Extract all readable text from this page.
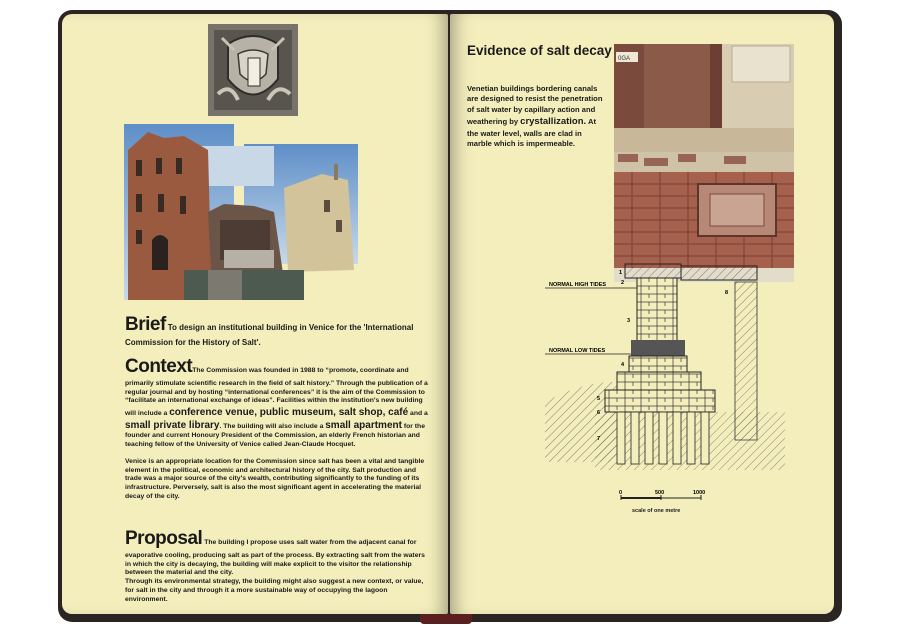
Brief To design an institutional building in Venice for the 'International Commission for the History of Salt'.

ContextThe Commission was founded in 1988 to “promote, coordinate and primarily stimulate scientific research in the field of salt history.” Through the publication of a regular journal and by hosting “international conferences” it is the aim of the Commission to “facilitate an international exchange of ideas”. Facilities within the institution's new building will include a conference venue, public museum, salt shop, café and a small private library. The building will also include a small apartment for the founder and current Honoury President of the Commission, an elderly French historian and teaching fellow of the University of Venice called Jean-Claude Hocquet.

Venice is an appropriate location for the Commission since salt has been a vital and tangible element in the political, economic and architectural history of the city. Salt production and trade was a major source of the city's wealth, contributing significantly to the funding of its infrastructure. Perversely, salt is also the most significant agent in accelerating the material decay of the city.

Proposal The building I propose uses salt water from the adjacent canal for evaporative cooling, producing salt as part of the process. By extracting salt from the waters in which the city is decaying, the building will make explicit to the visitor the relationship between the material and the city.

Through its environmental strategy, the building might also suggest a new context, or value, for salt in the city and through it a more sustainable way of occupying the lagoon environment.

Evidence of salt decay
Venetian buildings bordering canals are designed to resist the penetration of salt water by capillary action and weathering by crystallization. At the water level, walls are clad in marble which is impermeable.
0GA
NORMAL HIGH TIDES
NORMAL LOW TIDES
1
2
3
4
5
6
7
8
0	500	1000
scale of one metre
